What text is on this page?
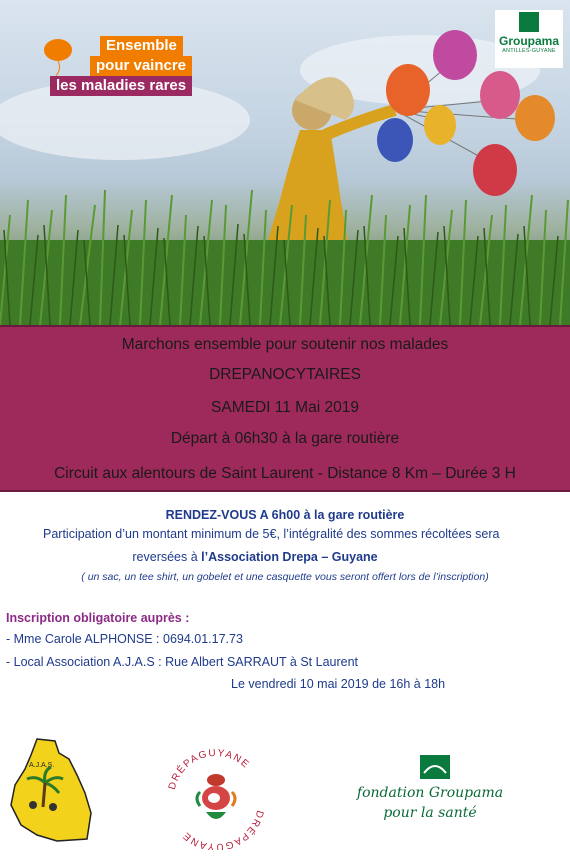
Ensemble
pour vaincre
les maladies rares
Groupama
ANTILLES-GUYANE
Marchons ensemble pour soutenir nos malades
DREPANOCYTAIRES
SAMEDI 11 Mai 2019
Départ à 06h30 à la gare routière
Circuit aux alentours de Saint Laurent - Distance 8 Km – Durée 3 H
RENDEZ-VOUS A 6h00 à la gare routière
Participation d’un montant minimum de 5€, l’intégralité des sommes récoltées sera
reversées à l’Association Drepa – Guyane
( un sac, un tee shirt, un gobelet et une casquette vous seront offert lors de l’inscription)
Inscription obligatoire auprès :
- Mme Carole ALPHONSE : 0694.01.17.73
- Local Association A.J.A.S : Rue Albert SARRAUT à St Laurent
Le vendredi 10 mai 2019 de 16h à 18h
A.J.A.S.
DRÉPAGUYANE
DRÉPAGUYANE
fondation Groupama
pour la santé
